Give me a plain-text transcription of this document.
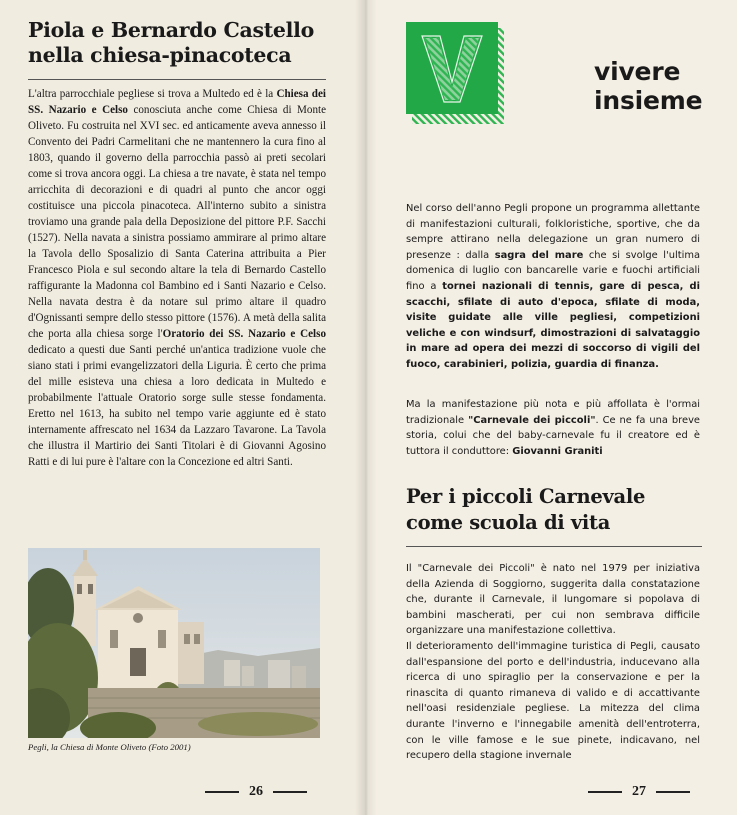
Piola e Bernardo Castello
nella chiesa-pinacoteca

L'altra parrocchiale pegliese si trova a Multedo ed è la Chiesa dei SS. Nazario e Celso conosciuta anche come Chiesa di Monte Oliveto. Fu costruita nel XVI sec. ed anticamente aveva annesso il Convento dei Padri Carmelitani che ne mantennero la cura fino al 1803, quando il governo della parrocchia passò ai preti secolari come si trova ancora oggi. La chiesa a tre navate, è stata nel tempo arricchita di decorazioni e di quadri al punto che ancor oggi costituisce una piccola pinacoteca. All'interno subito a sinistra troviamo una grande pala della Deposizione del pittore P.F. Sacchi (1527). Nella navata a sinistra possiamo ammirare al primo altare la Tavola dello Sposalizio di Santa Caterina attribuita a Pier Francesco Piola e sul secondo altare la tela di Bernardo Castello raffigurante la Madonna col Bambino ed i Santi Nazario e Celso. Nella navata destra è da notare sul primo altare il quadro d'Ognissanti sempre dello stesso pittore (1576). A metà della salita che porta alla chiesa sorge l'Oratorio dei SS. Nazario e Celso dedicato a questi due Santi perché un'antica tradizione vuole che siano stati i primi evangelizzatori della Liguria. È certo che prima del mille esisteva una chiesa a loro dedicata in Multedo e probabilmente l'attuale Oratorio sorge sulle stesse fondamenta. Eretto nel 1613, ha subito nel tempo varie aggiunte ed è stato internamente affrescato nel 1634 da Lazzaro Tavarone. La Tavola che illustra il Martirio dei Santi Titolari è di Giovanni Agosino Ratti e di lui pure è l'altare con la Concezione ed altri Santi.

Pegli, la Chiesa di Monte Oliveto (Foto 2001)

26
vivere
insieme

Nel corso dell'anno Pegli propone un programma allettante di manifestazioni culturali, folkloristiche, sportive, che da sempre attirano nella delegazione un gran numero di presenze : dalla sagra del mare che si svolge l'ultima domenica di luglio con bancarelle varie e fuochi artificiali fino a tornei nazionali di tennis, gare di pesca, di scacchi, sfilate di auto d'epoca, sfilate di moda, visite guidate alle ville pegliesi, competizioni veliche e con windsurf, dimostrazioni di salvataggio in mare ad opera dei mezzi di soccorso di vigili del fuoco, carabinieri, polizia, guardia di finanza.

Ma la manifestazione più nota e più affollata è l'ormai tradizionale "Carnevale dei piccoli". Ce ne fa una breve storia, colui che del baby-carnevale fu il creatore ed è tuttora il conduttore: Giovanni Graniti

Per i piccoli Carnevale
come scuola di vita

Il "Carnevale dei Piccoli" è nato nel 1979 per iniziativa della Azienda di Soggiorno, suggerita dalla constatazione che, durante il Carnevale, il lungomare si popolava di bambini mascherati, per cui non sembrava difficile organizzare una manifestazione collettiva.

Il deterioramento dell'immagine turistica di Pegli, causato dall'espansione del porto e dell'industria, inducevano alla ricerca di uno spiraglio per la conservazione e per la rinascita di quanto rimaneva di valido e di accattivante nell'oasi residenziale pegliese. La mitezza del clima durante l'inverno e l'innegabile amenità dell'entroterra, con le ville famose e le sue pinete, indicavano, nel recupero della stagione invernale

27
